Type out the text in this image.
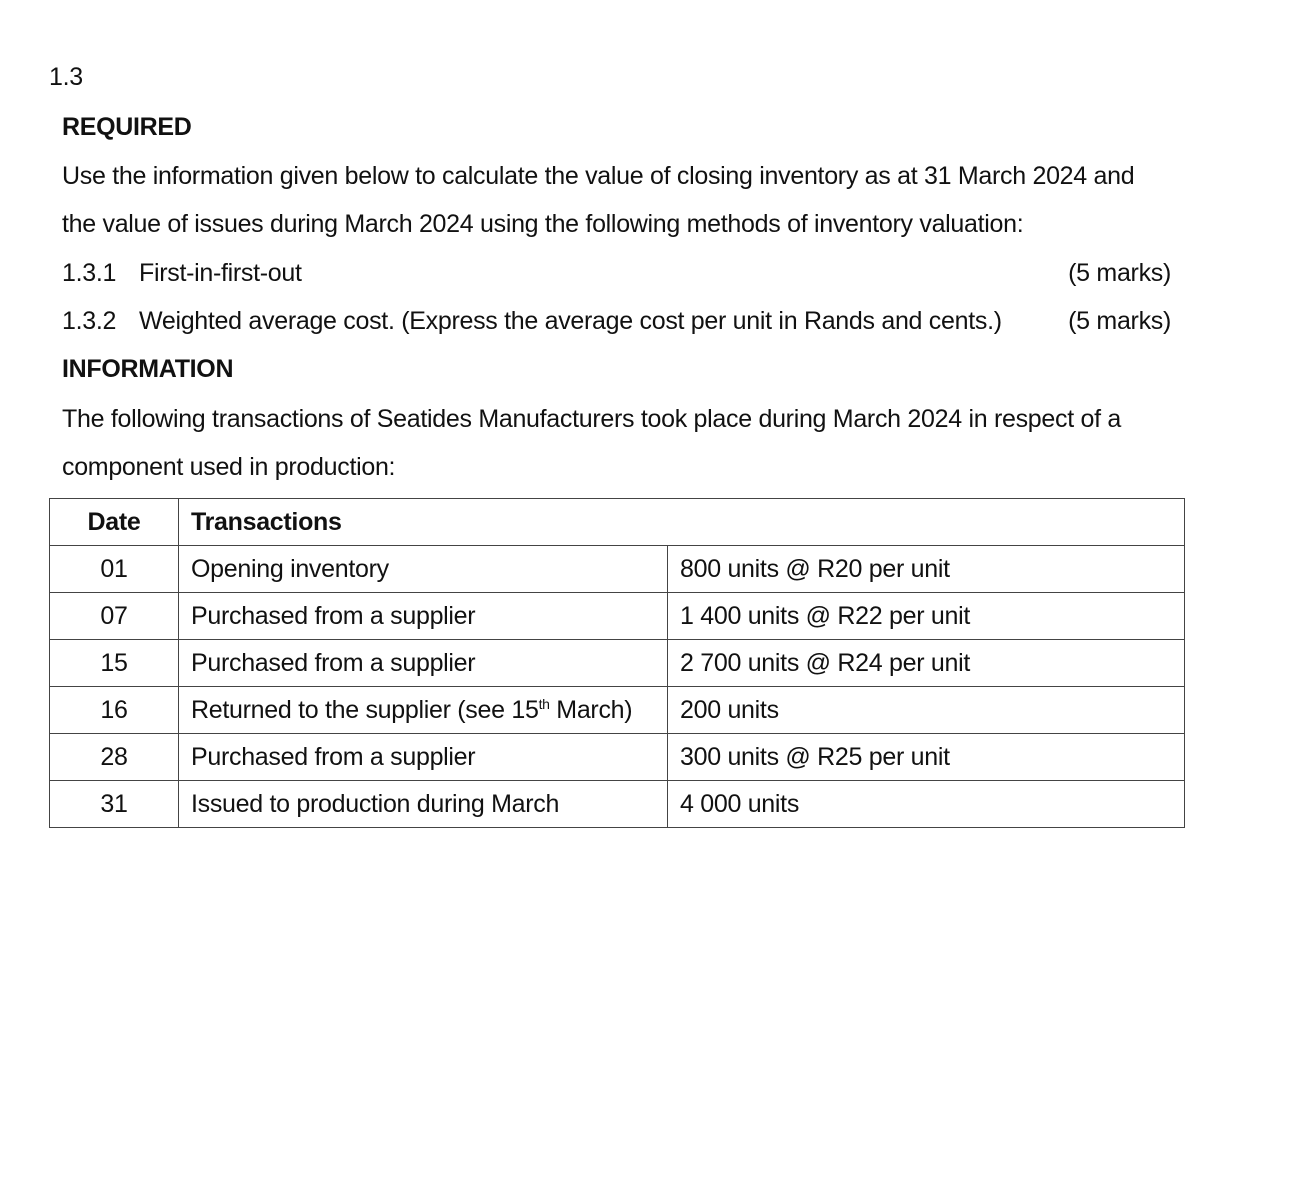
1.3
REQUIRED
Use the information given below to calculate the value of closing inventory as at 31 March 2024 and the value of issues during March 2024 using the following methods of inventory valuation:
1.3.1 First-in-first-out	(5 marks)
1.3.2 Weighted average cost. (Express the average cost per unit in Rands and cents.)	(5 marks)
INFORMATION
The following transactions of Seatides Manufacturers took place during March 2024 in respect of a component used in production:
Date	Transactions	
01	Opening inventory	800 units @ R20 per unit
07	Purchased from a supplier	1 400 units @ R22 per unit
15	Purchased from a supplier	2 700 units @ R24 per unit
16	Returned to the supplier (see 15th March)	200 units
28	Purchased from a supplier	300 units @ R25 per unit
31	Issued to production during March	4 000 units
